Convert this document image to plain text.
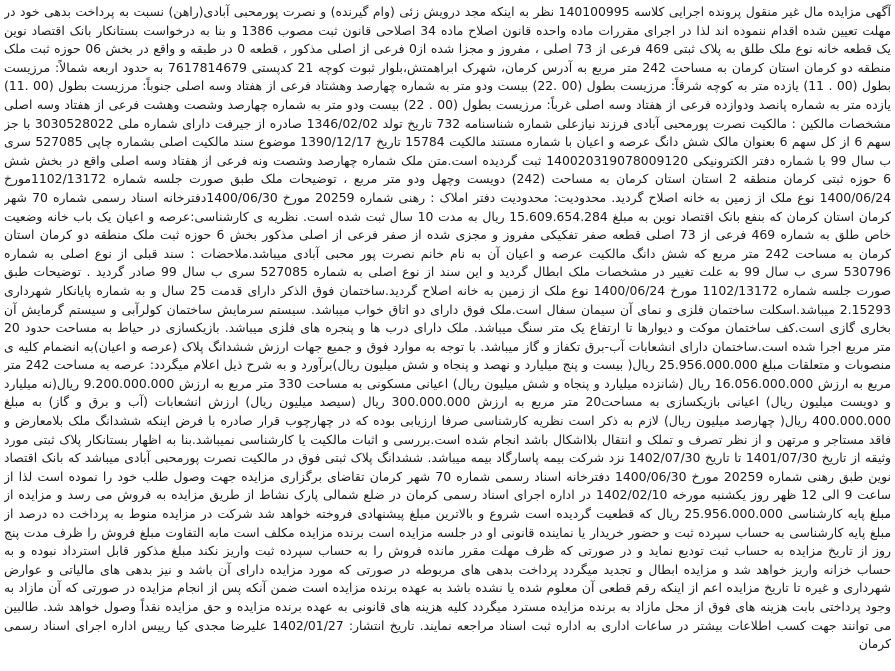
آگهی مزایده مال غیر منقول پرونده اجرایی کلاسه 140100995 نظر به اینکه مجد درویش زئی (وام گیرنده) و نصرت پورمحبی آبادی(راهن) نسبت به پرداخت بدهی خود در مهلت تعیین شده اقدام ننموده اند لذا در اجرای مقررات ماده واحده قانون اصلاح ماده 34 اصلاحی قانون ثبت مصوب 1386 و بنا به درخواست بستانکار بانک اقتصاد نوین یک قطعه خانه نوع ملک طلق به پلاک ثبتی 469 فرعی از 73 اصلی ، مفروز و مجزا شده از0 فرعی از اصلی مذکور ، قطعه 0 در طبقه و واقع در بخش 06 حوزه ثبت ملک منطقه دو کرمان استان کرمان به مساحت 242 متر مربع به آدرس کرمان، شهرک ابراهمتش،بلوار ثبوت کوچه 21 کدپستی 7617814679 به حدود اربعه شمالاً: مرزیست بطول (00 . 11) یازده متر به کوچه شرقاً: مرزیست بطول (00 .22) بیست ودو متر به شماره چهارصد وهشتاد فرعی از هفتاد وسه اصلی جنوباً: مرزیست بطول (00 .11) یازده متر به شماره پانصد ودوازده فرعی از هفتاد وسه اصلی غرباً: مرزیست بطول (00 . 22) بیست ودو متر به شماره چهارصد وشصت وهشت فرعی از هفتاد وسه اصلی مشخصات مالکین : مالکیت نصرت پورمحبی آبادی فرزند نیازعلی شماره شناسنامه 732 تاریخ تولد 1346/02/02 صادره از جیرفت دارای شماره ملی 3030528022 با جز سهم 6 از کل سهم 6 بعنوان مالک شش دانگ عرصه و اعیان با شماره مستند مالکیت 15784 تاریخ 1390/12/17 موضوع سند مالکیت اصلی بشماره چاپی 527085 سری ب سال 99 با شماره دفتر الکترونیکی 140020319078009120 ثبت گردیده است.متن ملک شماره چهارصد وشصت ونه فرعی از هفتاد وسه اصلی واقع در بخش شش 6 حوزه ثبتی کرمان منطقه 2 استان استان کرمان به مساحت (242) دویست وچهل ودو متر مربع ، توضیحات ملک طبق صورت جلسه شماره 1102/13172مورخ 1400/06/24 نوع ملک از زمین به خانه اصلاح گردید. محدودیت: محدودیت دفتر املاک : رهنی شماره 20259 مورخ 1400/06/30دفترخانه اسناد رسمی شماره 70 شهر کرمان استان کرمان که بنفع بانک اقتصاد نوین به مبلغ 15.609.654.284 ریال به مدت 10 سال ثبت شده است. نظریه ی کارشناسی:عرصه و اعیان یک باب خانه وضعیت خاص طلق به شماره 469 فرعی از 73 اصلی قطعه صفر تفکیکی مفروز و مجزی شده از صفر فرعی از اصلی مذکور بخش 6 حوزه ثبت ملک منطقه دو کرمان استان کرمان به مساحت 242 متر مربع که شش دانگ مالکیت عرصه و اعیان آن به نام خانم نصرت پور محبی آبادی میباشد.ملاحضات : سند قبلی از نوع اصلی به شماره 530796 سری ب سال 99 به علت تغییر در مشخصات ملک ابطال گردید و این سند از نوع اصلی به شماره 527085 سری ب سال 99 صادر گردید . توضیحات طبق صورت جلسه شماره 1102/13172 مورخ 1400/06/24 نوع ملک از زمین به خانه اصلاح گردید.ساختمان فوق الذکر دارای قدمت 25 سال و به شماره پایانکار شهرداری 2.15293 میباشد.اسکلت ساختمان فلزی و نمای آن سیمان سفال است.ملک فوق دارای دو اتاق خواب میباشد. سیستم سرمایش ساختمان کولرآبی و سیستم گرمایش آن بخاری گازی است.کف ساختمان موکت و دیوارها تا ارتفاع یک متر سنگ میباشد. ملک دارای درب ها و پنجره های فلزی میباشد. بازیکسازی در حیاط به مساحت حدود 20 متر مربع اجرا شده است.ساختمان دارای انشعابات آب-برق تکفاز و گاز میباشد. با توجه به موارد فوق و جمیع جهات ارزش ششدانگ پلاک (عرصه و اعیان)به انضمام کلیه ی منصوبات و متعلقات مبلغ 25.956.000.000 ریال( بیست و پنج میلیارد و نهصد و پنجاه و شش میلیون ریال)برآورد و به شرح ذیل اعلام میگردد: عرصه به مساحت 242 متر مربع به ارزش 16.056.000.000 ریال (شانزده میلیارد و پنجاه و شش میلیون ریال) اعیانی مسکونی به مساحت 330 متر مربع به ارزش 9.200.000.000 ریال(نه میلیارد و دویست میلیون ریال) اعیانی بازیکسازی به مساحت20 متر مربع به ارزش 300.000.000 ریال (سیصد میلیون ریال) ارزش انشعابات (آب و برق و گاز) به مبلغ 400.000.000 ریال( چهارصد میلیون ریال) لازم به ذکر است نظریه کارشناسی صرفا ارزیابی بوده که در چهارچوب قرار صادره با فرض اینکه ششدانگ ملک بلامعارض و فاقد مستاجر و مرتهن و از نظر تصرف و تملک و انتقال بلااشکال باشد انجام شده است.بررسی و اثبات مالکیت یا کارشناسی نمیباشد.بنا به اظهار بستانکار پلاک ثبتی مورد وثیقه از تاریخ 1401/07/30 تا تاریخ 1402/07/30 نزد شرکت بیمه پاسارگاد بیمه میباشد. ششدانگ پلاک ثبتی فوق در مالکیت نصرت پورمحبی آبادی میباشد که بانک اقتصاد نوین طبق رهنی شماره 20259 مورخ 1400/06/30 دفترخانه اسناد رسمی شماره 70 شهر کرمان تقاضای برگزاری مزایده جهت وصول طلب خود را نموده است لذا از ساعت 9 الی 12 ظهر روز یکشنبه مورخه 1402/02/10 در اداره اجرای اسناد رسمی کرمان در ضلع شمالی پارک نشاط از طریق مزایده به فروش می رسد و مزایده از مبلغ پایه کارشناسی 25.956.000.000 ریال که قطعیت گردیده است شروع و بالاترین مبلغ پیشنهادی فروخته خواهد شد شرکت در مزایده منوط به پرداخت ده درصد از مبلغ پایه کارشناسی به حساب سپرده ثبت و حضور خریدار یا نماینده قانونی او در جلسه مزایده است برنده مزایده مکلف است مابه التفاوت مبلغ فروش را ظرف مدت پنج روز از تاریخ مزایده به حساب ثبت تودیع نماید و در صورتی که ظرف مهلت مقرر مانده فروش را به حساب سپرده ثبت واریز نکند مبلغ مذکور قابل استرداد نبوده و به حساب خزانه واریز خواهد شد و مزایده ابطال و تجدید میگردد پرداخت بدهی های مربوطه در صورتی که مورد مزایده دارای آن باشد و نیز بدهی های مالیاتی و عوارض شهرداری و غیره تا تاریخ مزایده اعم از اینکه رقم قطعی آن معلوم شده یا نشده باشد به عهده برنده مزایده است ضمن آنکه پس از انجام مزایده در صورتی که آن مازاد به وجود پرداختی بابت هزینه های فوق از محل مازاد به برنده مزایده مسترد میگردد کلیه هزینه های قانونی به عهده برنده مزایده و حق مزایده نقداً وصول خواهد شد. طالبین می توانند جهت کسب اطلاعات بیشتر در ساعات اداری به اداره ثبت اسناد مراجعه نمایند. تاریخ انتشار: 1402/01/27 علیرضا مجدی کیا رییس اداره اجرای اسناد رسمی کرمان
